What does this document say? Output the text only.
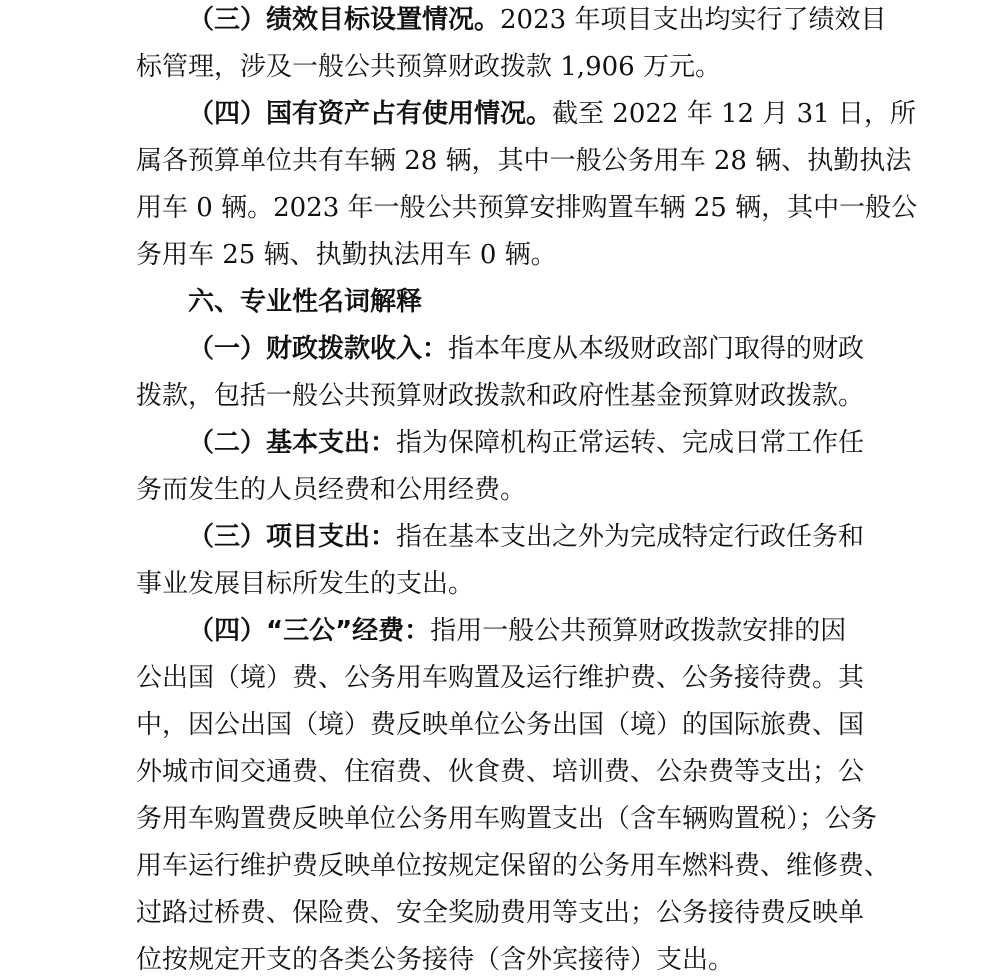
（三）绩效目标设置情况。2023 年项目支出均实行了绩效目
标管理，涉及一般公共预算财政拨款 1,906 万元。
（四）国有资产占有使用情况。截至 2022 年 12 月 31 日，所
属各预算单位共有车辆 28 辆，其中一般公务用车 28 辆、执勤执法
用车 0 辆。2023 年一般公共预算安排购置车辆 25 辆，其中一般公
务用车 25 辆、执勤执法用车 0 辆。
六、专业性名词解释
（一）财政拨款收入：指本年度从本级财政部门取得的财政
拨款，包括一般公共预算财政拨款和政府性基金预算财政拨款。
（二）基本支出：指为保障机构正常运转、完成日常工作任
务而发生的人员经费和公用经费。
（三）项目支出：指在基本支出之外为完成特定行政任务和
事业发展目标所发生的支出。
（四）“三公”经费：指用一般公共预算财政拨款安排的因
公出国（境）费、公务用车购置及运行维护费、公务接待费。其
中，因公出国（境）费反映单位公务出国（境）的国际旅费、国
外城市间交通费、住宿费、伙食费、培训费、公杂费等支出；公
务用车购置费反映单位公务用车购置支出（含车辆购置税）；公务
用车运行维护费反映单位按规定保留的公务用车燃料费、维修费、
过路过桥费、保险费、安全奖励费用等支出；公务接待费反映单
位按规定开支的各类公务接待（含外宾接待）支出。
